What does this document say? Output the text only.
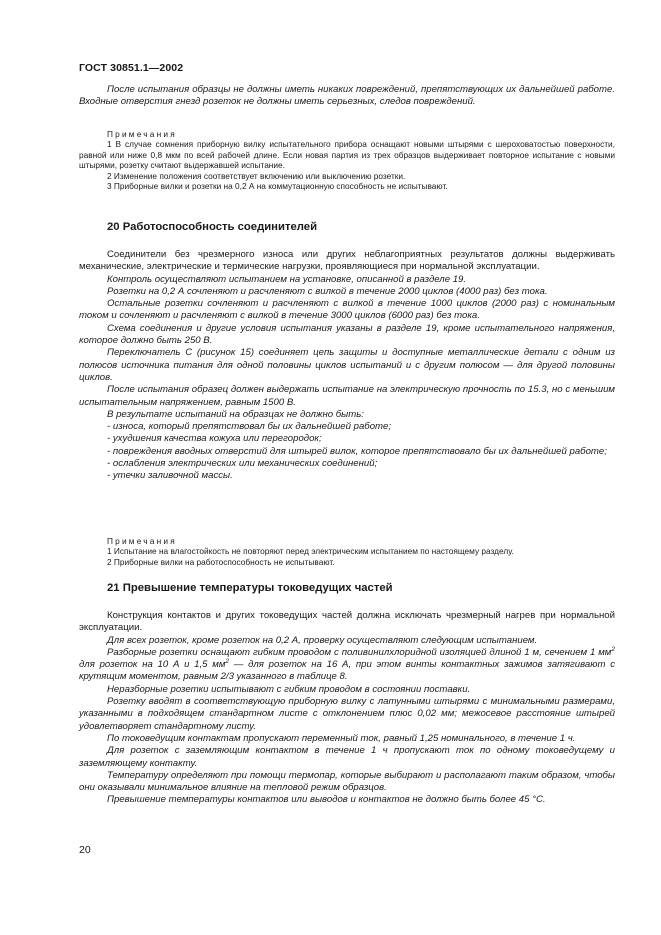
ГОСТ 30851.1—2002

После испытания образцы не должны иметь никаких повреждений, препятствующих их дальнейшей работе. Входные отверстия гнезд розеток не должны иметь серьезных, следов повреждений.

Примечания

1 В случае сомнения приборную вилку испытательного прибора оснащают новыми штырями с шероховатостью поверхности, равной или ниже 0,8 мкм по всей рабочей длине. Если новая партия из трех образцов выдерживает повторное испытание с новыми штырями, розетку считают выдержавшей испытание.

2 Изменение положения соответствует включению или выключению розетки.

3 Приборные вилки и розетки на 0,2 А на коммутационную способность не испытывают.

20 Работоспособность соединителей

Соединители без чрезмерного износа или других неблагоприятных результатов должны выдерживать механические, электрические и термические нагрузки, проявляющиеся при нормальной эксплуатации.

Контроль осуществляют испытанием на установке, описанной в разделе 19.

Розетки на 0,2 А сочленяют и расчленяют с вилкой в течение 2000 циклов (4000 раз) без тока.

Остальные розетки сочленяют и расчленяют с вилкой в течение 1000 циклов (2000 раз) с номинальным током и сочленяют и расчленяют с вилкой в течение 3000 циклов (6000 раз) без тока.

Схема соединения и другие условия испытания указаны в разделе 19, кроме испытательного напряжения, которое должно быть 250 В.

Переключатель С (рисунок 15) соединяет цепь защиты и доступные металлические детали с одним из полюсов источника питания для одной половины циклов испытаний и с другим полюсом — для другой половины циклов.

После испытания образец должен выдержать испытание на электрическую прочность по 15.3, но с меньшим испытательным напряжением, равным 1500 В.

В результате испытаний на образцах не должно быть:

- износа, который препятствовал бы их дальнейшей работе;

- ухудшения качества кожуха или перегородок;

- повреждения вводных отверстий для штырей вилок, которое препятствовало бы их дальнейшей работе;

- ослабления электрических или механических соединений;

- утечки заливочной массы.

Примечания

1 Испытание на влагостойкость не повторяют перед электрическим испытанием по настоящему разделу.

2 Приборные вилки на работоспособность не испытывают.

21 Превышение температуры токоведущих частей

Конструкция контактов и других токоведущих частей должна исключать чрезмерный нагрев при нормальной эксплуатации.

Для всех розеток, кроме розеток на 0,2 А, проверку осуществляют следующим испытанием.

Разборные розетки оснащают гибким проводом с поливинилхлоридной изоляцией длиной 1 м, сечением 1 $мм^2$ для розеток на 10 А и 1,5 $мм^2$ — для розеток на 16 А, при этом винты контактных зажимов затягивают с крутящим моментом, равным 2/3 указанного в таблице 8.

Неразборные розетки испытывают с гибким проводом в состоянии поставки.

Розетку вводят в соответствующую приборную вилку с латунными штырями с минимальными размерами, указанными в подходящем стандартном листе с отклонением плюс 0,02 мм; межосевое расстояние штырей удовлетворяет стандартному листу.

По токоведущим контактам пропускают переменный ток, равный 1,25 номинального, в течение 1 ч.

Для розеток с заземляющим контактом в течение 1 ч пропускают ток по одному токоведущему и заземляющему контакту.

Температуру определяют при помощи термопар, которые выбирают и располагают таким образом, чтобы они оказывали минимальное влияние на тепловой режим образцов.

Превышение температуры контактов или выводов и контактов не должно быть более 45 °С.

20
